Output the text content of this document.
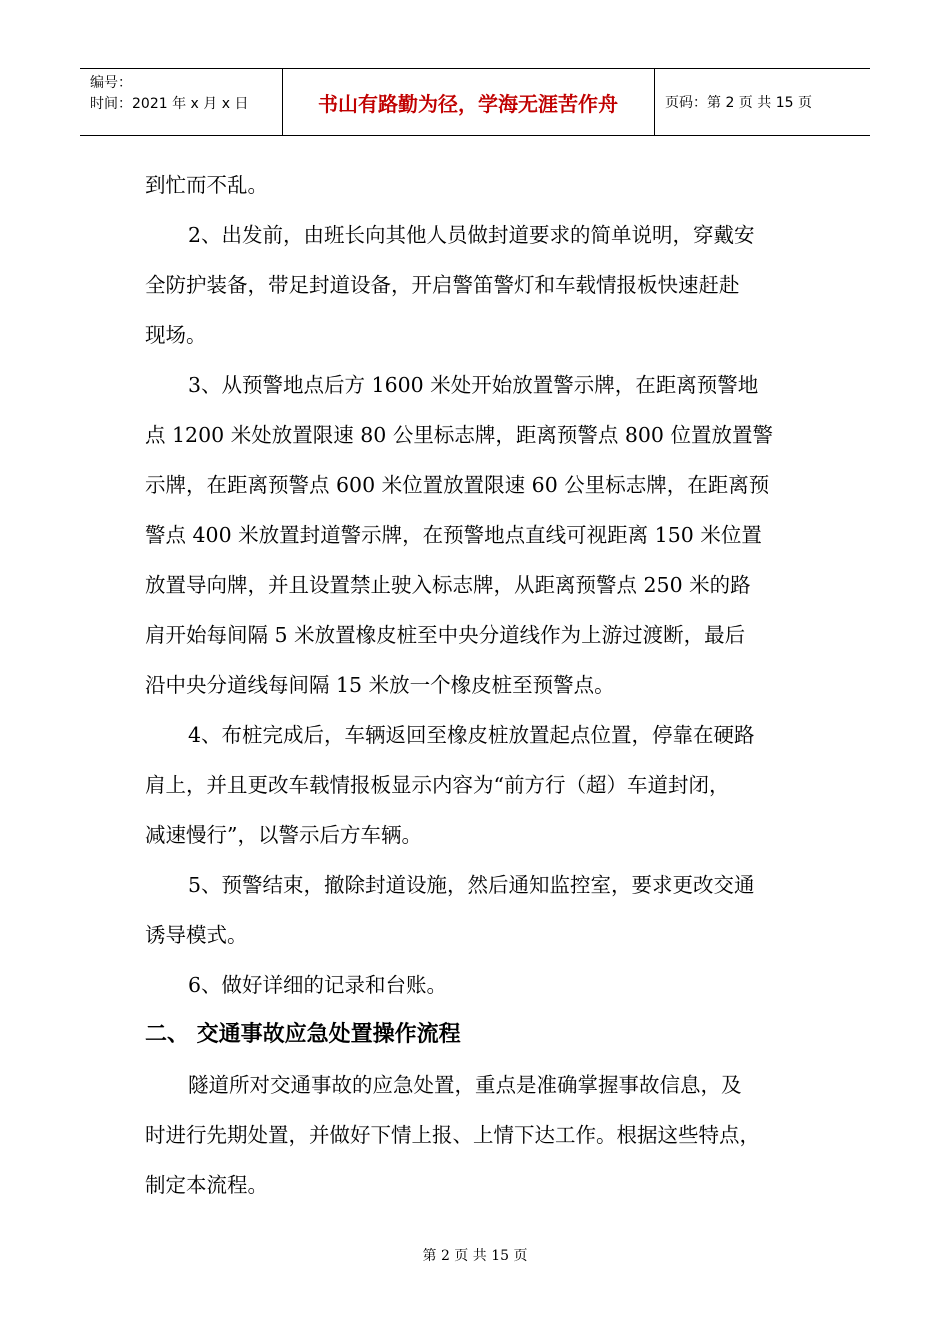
编号：
时间：2021 年 x 月 x 日	书山有路勤为径，学海无涯苦作舟	页码：第 2 页 共 15 页

到忙而不乱。

2、出发前，由班长向其他人员做封道要求的简单说明，穿戴安
全防护装备，带足封道设备，开启警笛警灯和车载情报板快速赶赴
现场。

3、从预警地点后方 1600 米处开始放置警示牌，在距离预警地
点 1200 米处放置限速 80 公里标志牌，距离预警点 800 位置放置警
示牌，在距离预警点 600 米位置放置限速 60 公里标志牌，在距离预
警点 400 米放置封道警示牌，在预警地点直线可视距离 150 米位置
放置导向牌，并且设置禁止驶入标志牌，从距离预警点 250 米的路
肩开始每间隔 5 米放置橡皮桩至中央分道线作为上游过渡断，最后
沿中央分道线每间隔 15 米放一个橡皮桩至预警点。

4、布桩完成后，车辆返回至橡皮桩放置起点位置，停靠在硬路
肩上，并且更改车载情报板显示内容为“前方行（超）车道封闭，
减速慢行”，以警示后方车辆。

5、预警结束，撤除封道设施，然后通知监控室，要求更改交通
诱导模式。

6、做好详细的记录和台账。

二、 交通事故应急处置操作流程

隧道所对交通事故的应急处置，重点是准确掌握事故信息，及
时进行先期处置，并做好下情上报、上情下达工作。根据这些特点，
制定本流程。

第 2 页 共 15 页
